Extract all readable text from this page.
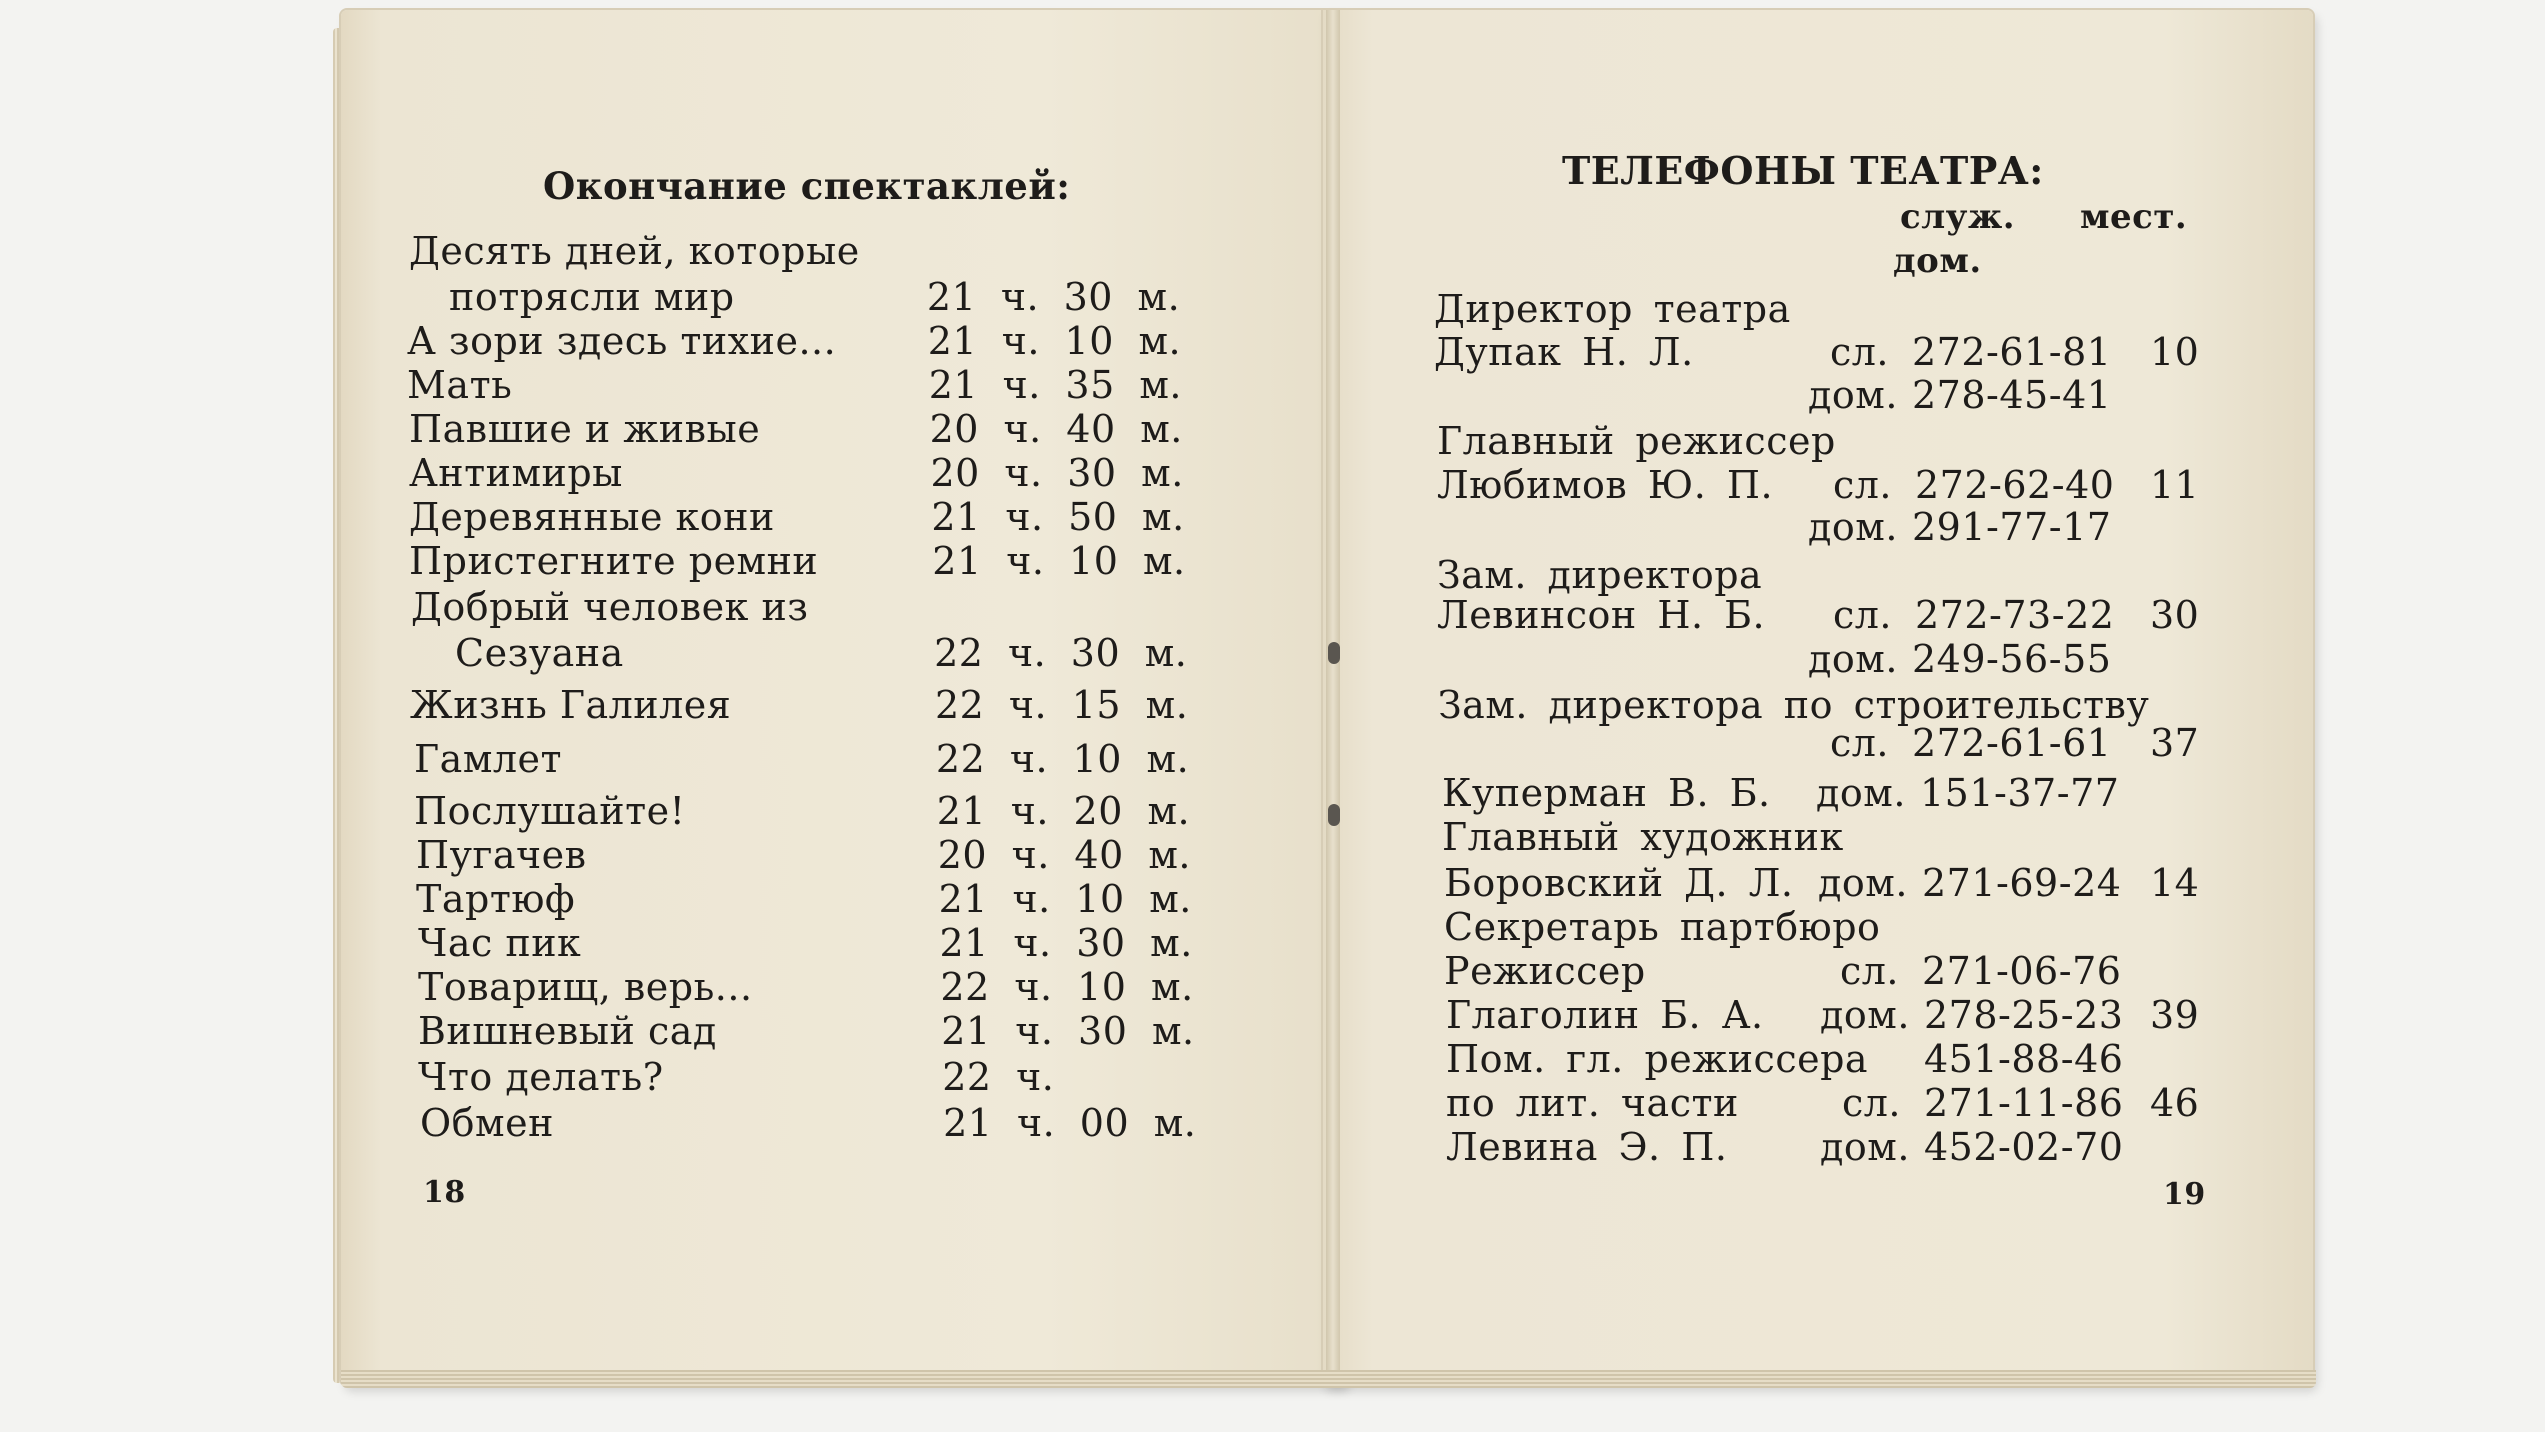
Окончание спектаклей:
Десять дней, которые
потрясли мир	21 ч. 30 м.
А зори здесь тихие... 21 ч. 10 м.
Мать	21 ч. 35 м.
Павшие и живые	20 ч. 40 м.
Антимиры	20 ч. 30 м.
Деревянные кони	21 ч. 50 м.
Пристегните ремни	21 ч. 10 м.
Добрый человек из
Сезуана	22 ч. 30 м.
Жизнь Галилея	22 ч. 15 м.
Гамлет	22 ч. 10 м.
Послушайте!	21 ч. 20 м.
Пугачев	20 ч. 40 м.
Тартюф	21 ч. 10 м.
Час пик	21 ч. 30 м.
Товарищ, верь...	22 ч. 10 м.
Вишневый сад	21 ч. 30 м.
Что делать?	22 ч.
Обмен	21 ч. 00 м.
18
ТЕЛЕФОНЫ ТЕАТРА:
служ. мест.
дом.
Директор театра
Дупак Н. Л.	сл. 272-61-81 10
дом. 278-45-41
Главный режиссер
Любимов Ю. П. сл. 272-62-40 11
дом. 291-77-17
Зам. директора
Левинсон Н. Б. сл. 272-73-22 30
дом. 249-56-55
Зам. директора по строительству
сл. 272-61-61 37
Куперман В. Б. дом. 151-37-77
Главный художник
Боровский Д. Л. дом. 271-69-24 14
Секретарь партбюро
Режиссер	сл. 271-06-76
Глаголин Б. А. дом. 278-25-23 39
Пом. гл. режиссера 451-88-46
по лит. части	сл. 271-11-86 46
Левина Э. П. дом. 452-02-70
19
